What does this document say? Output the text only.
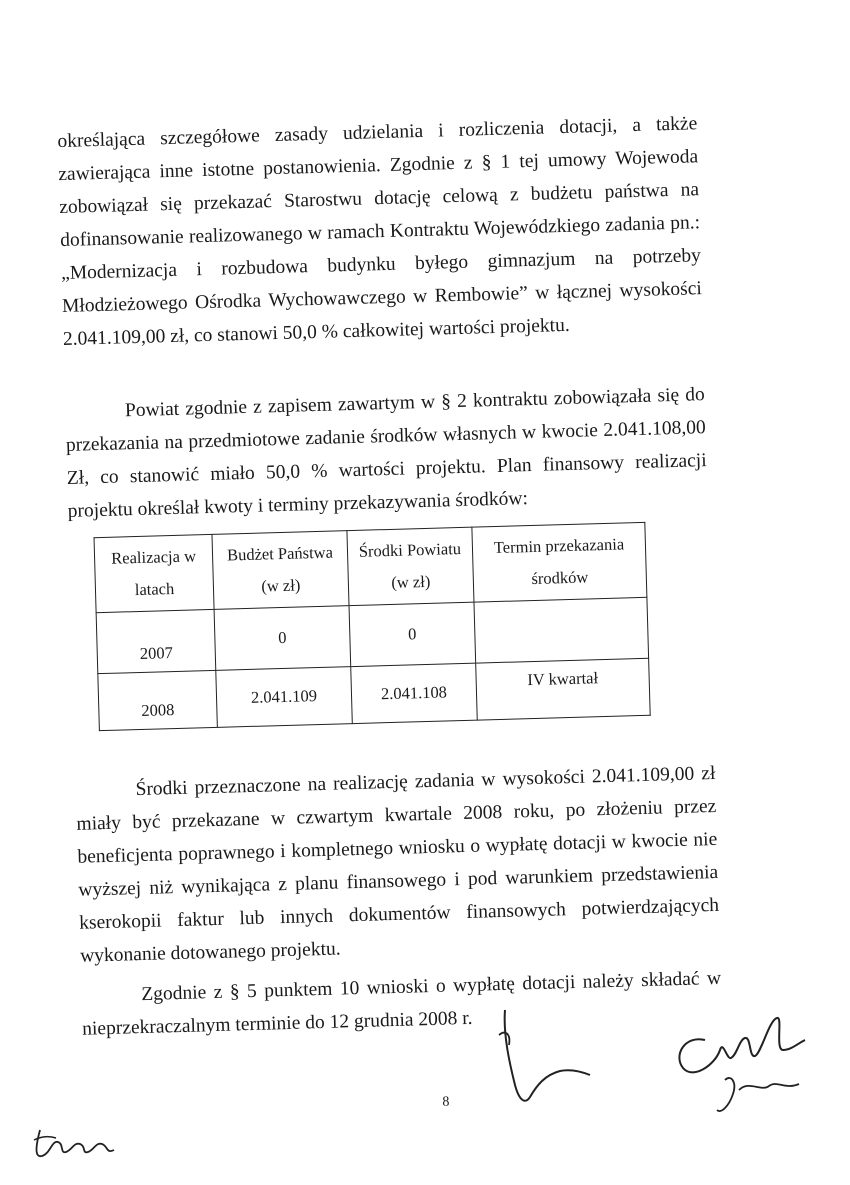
określająca szczegółowe zasady udzielania i rozliczenia dotacji, a także zawierająca inne istotne postanowienia. Zgodnie z § 1 tej umowy Wojewoda zobowiązał się przekazać Starostwu dotację celową z budżetu państwa na dofinansowanie realizowanego w ramach Kontraktu Wojewódzkiego zadania pn.: „Modernizacja i rozbudowa budynku byłego gimnazjum na potrzeby Młodzieżowego Ośrodka Wychowawczego w Rembowie” w łącznej wysokości 2.041.109,00 zł, co stanowi 50,0 % całkowitej wartości projektu.

Powiat zgodnie z zapisem zawartym w § 2 kontraktu zobowiązała się do przekazania na przedmiotowe zadanie środków własnych w kwocie 2.041.108,00 Zł, co stanowić miało 50,0 % wartości projektu. Plan finansowy realizacji projektu określał kwoty i terminy przekazywania środków:

Realizacja w latach	Budżet Państwa (w zł)	Środki Powiatu (w zł)	Termin przekazania środków
2007	0	0	
2008	2.041.109	2.041.108	IV kwartał

Środki przeznaczone na realizację zadania w wysokości 2.041.109,00 zł miały być przekazane w czwartym kwartale 2008 roku, po złożeniu przez beneficjenta poprawnego i kompletnego wniosku o wypłatę dotacji w kwocie nie wyższej niż wynikająca z planu finansowego i pod warunkiem przedstawienia kserokopii faktur lub innych dokumentów finansowych potwierdzających wykonanie dotowanego projektu.

Zgodnie z § 5 punktem 10 wnioski o wypłatę dotacji należy składać w nieprzekraczalnym terminie do 12 grudnia 2008 r.

8
